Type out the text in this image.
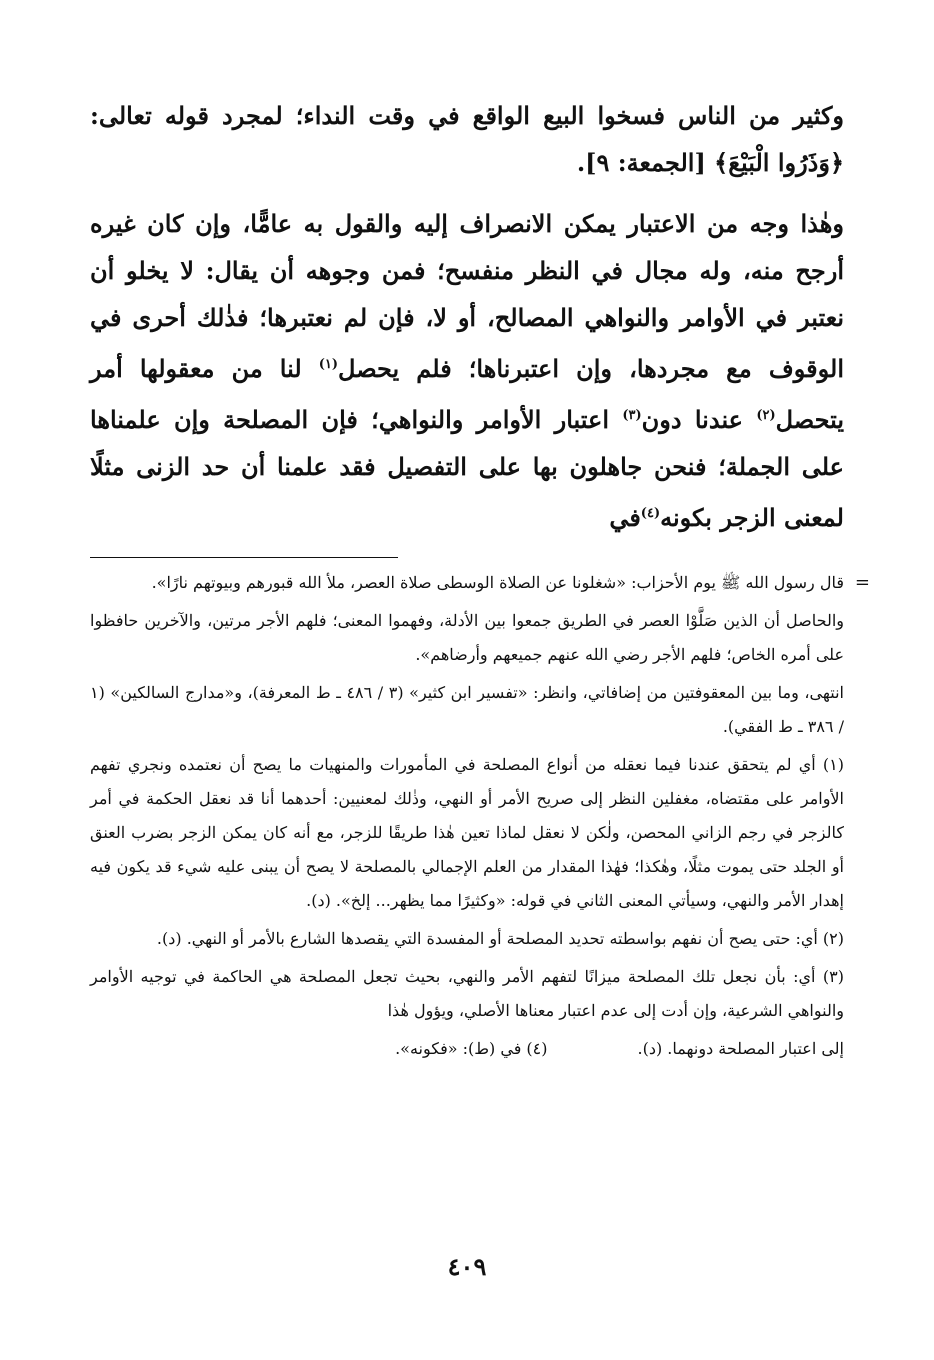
وكثير من الناس فسخوا البيع الواقع في وقت النداء؛ لمجرد قوله تعالى: ﴿وَذَرُوا الْبَيْعَ﴾ [الجمعة: ٩].

وهٰذا وجه من الاعتبار يمكن الانصراف إليه والقول به عامًّا، وإن كان غيره أرجح منه، وله مجال في النظر منفسح؛ فمن وجوهه أن يقال: لا يخلو أن نعتبر في الأوامر والنواهي المصالح، أو لا، فإن لم نعتبرها؛ فذٰلك أحرى في الوقوف مع مجردها، وإن اعتبرناها؛ فلم يحصل$^{(١)}$ لنا من معقولها أمر يتحصل$^{(٢)}$ عندنا دون$^{(٣)}$ اعتبار الأوامر والنواهي؛ فإن المصلحة وإن علمناها على الجملة؛ فنحن جاهلون بها على التفصيل فقد علمنا أن حد الزنى مثلًا لمعنى الزجر بكونه$^{(٤)}$في

=

قال رسول الله ﷺ يوم الأحزاب: «شغلونا عن الصلاة الوسطى صلاة العصر، ملأ الله قبورهم وبيوتهم نارًا».

والحاصل أن الذين صَلَّوْا العصر في الطريق جمعوا بين الأدلة، وفهموا المعنى؛ فلهم الأجر مرتين، والآخرين حافظوا على أمره الخاص؛ فلهم الأجر رضي الله عنهم جميعهم وأرضاهم».

انتهى، وما بين المعقوفتين من إضافاتي، وانظر: «تفسير ابن كثير» (٣ / ٤٨٦ ـ ط المعرفة)، و«مدارج السالكين» (١ / ٣٨٦ ـ ط الفقي).

(١) أي لم يتحقق عندنا فيما نعقله من أنواع المصلحة في المأمورات والمنهيات ما يصح أن نعتمده ونجري تفهم الأوامر على مقتضاه، مغفلين النظر إلى صريح الأمر أو النهي، وذٰلك لمعنيين: أحدهما أنا قد نعقل الحكمة في أمر كالزجر في رجم الزاني المحصن، ولٰكن لا نعقل لماذا تعين هٰذا طريقًا للزجر، مع أنه كان يمكن الزجر بضرب العنق أو الجلد حتى يموت مثلًا، وهٰكذا؛ فهٰذا المقدار من العلم الإجمالي بالمصلحة لا يصح أن يبنى عليه شيء قد يكون فيه إهدار الأمر والنهي، وسيأتي المعنى الثاني في قوله: «وكثيرًا مما يظهر... إلخ». (د).

(٢) أي: حتى يصح أن نفهم بواسطته تحديد المصلحة أو المفسدة التي يقصدها الشارع بالأمر أو النهي. (د).

(٣) أي: بأن نجعل تلك المصلحة ميزانًا لتفهم الأمر والنهي، بحيث تجعل المصلحة هي الحاكمة في توجيه الأوامر والنواهي الشرعية، وإن أدت إلى عدم اعتبار معناها الأصلي، ويؤول هٰذا

إلى اعتبار المصلحة دونهما. (د).
(٤) في (ط): «فكونه».

٤٠٩
